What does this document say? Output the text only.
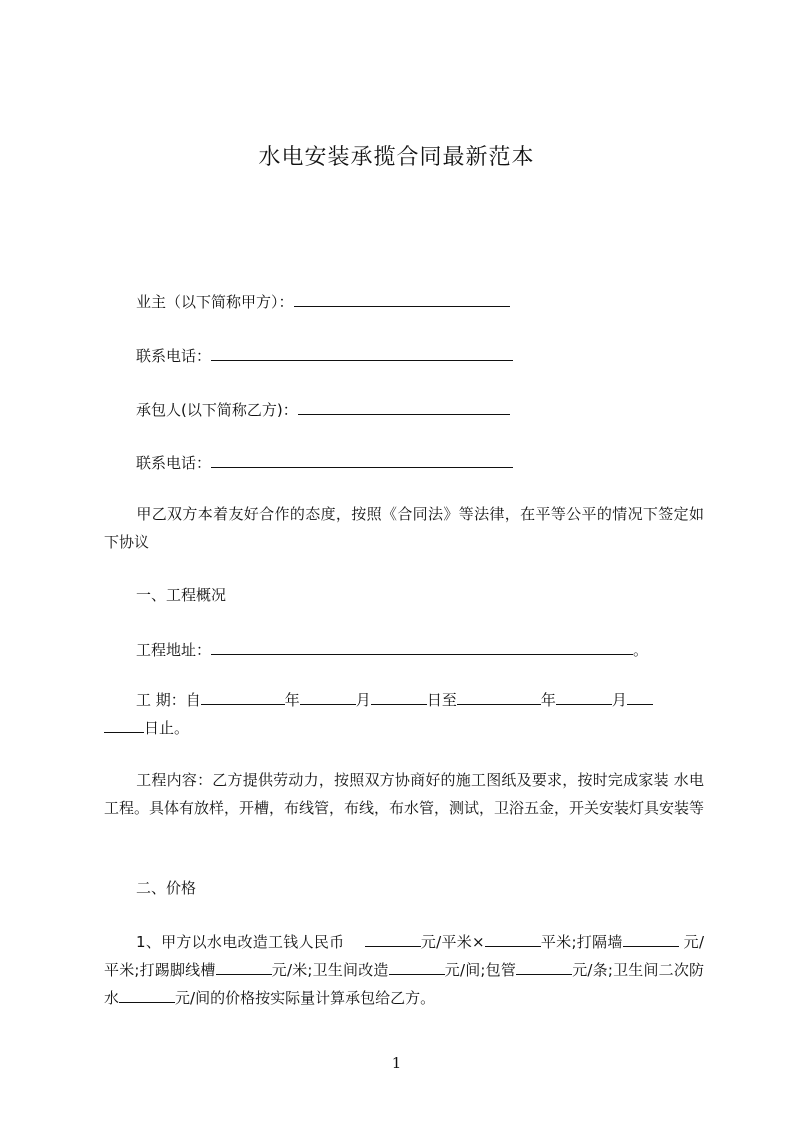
水电安装承揽合同最新范本
业主（以下简称甲方）：
联系电话：
承包人(以下简称乙方)：
联系电话：
甲乙双方本着友好合作的态度，按照《合同法》等法律，在平等公平的情况下签定如下协议
一、工程概况
工程地址：	。
工 期：自	年	月	日至	年	月
日止。
工程内容：乙方提供劳动力，按照双方协商好的施工图纸及要求，按时完成家装 水电工程。具体有放样，开槽，布线管，布线，布水管，测试，卫浴五金，开关安装灯具安装等
二、价格
1、甲方以水电改造工钱人民币	元/平米×	平米;打隔墙	元/平米;打踢脚线槽	元/米;卫生间改造	元/间;包管	元/条;卫生间二次防水	元/间的价格按实际量计算承包给乙方。
1
